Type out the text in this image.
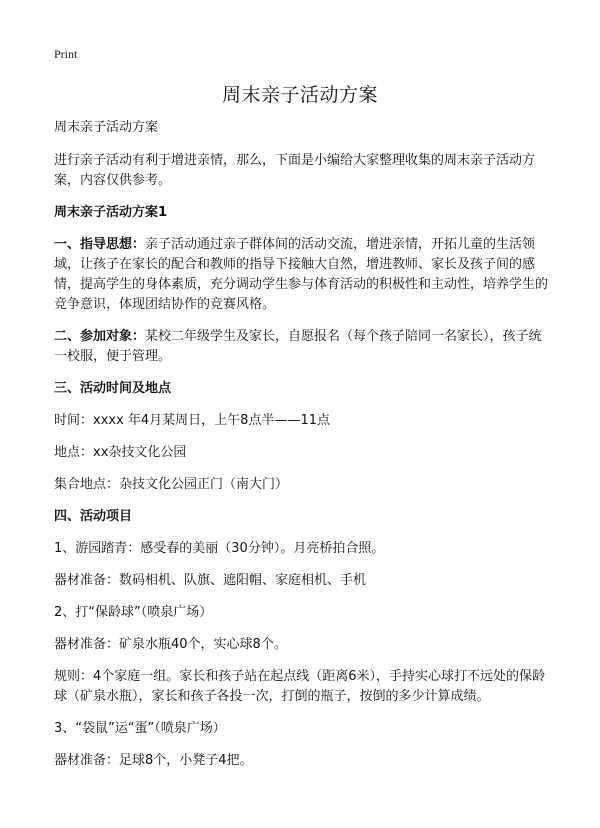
Print
周末亲子活动方案

周末亲子活动方案

进行亲子活动有利于增进亲情，那么，下面是小编给大家整理收集的周末亲子活动方案，内容仅供参考。

周末亲子活动方案1

一、指导思想：亲子活动通过亲子群体间的活动交流，增进亲情，开拓儿童的生活领域，让孩子在家长的配合和教师的指导下接触大自然，增进教师、家长及孩子间的感情，提高学生的身体素质，充分调动学生参与体育活动的积极性和主动性，培养学生的竞争意识，体现团结协作的竞赛风格。

二、参加对象：某校二年级学生及家长，自愿报名（每个孩子陪同一名家长），孩子统一校服，便于管理。

三、活动时间及地点

时间：xxxx 年4月某周日，上午8点半——11点

地点：xx杂技文化公园

集合地点：杂技文化公园正门（南大门）

四、活动项目

1、游园踏青：感受春的美丽（30分钟）。月亮桥拍合照。

器材准备：数码相机、队旗、遮阳帽、家庭相机、手机

2、打“保龄球”（喷泉广场）

器材准备：矿泉水瓶40个，实心球8个。

规则：4个家庭一组。家长和孩子站在起点线（距离6米），手持实心球打不远处的保龄球（矿泉水瓶），家长和孩子各投一次，打倒的瓶子，按倒的多少计算成绩。

3、“袋鼠”运“蛋”（喷泉广场）

器材准备：足球8个，小凳子4把。
